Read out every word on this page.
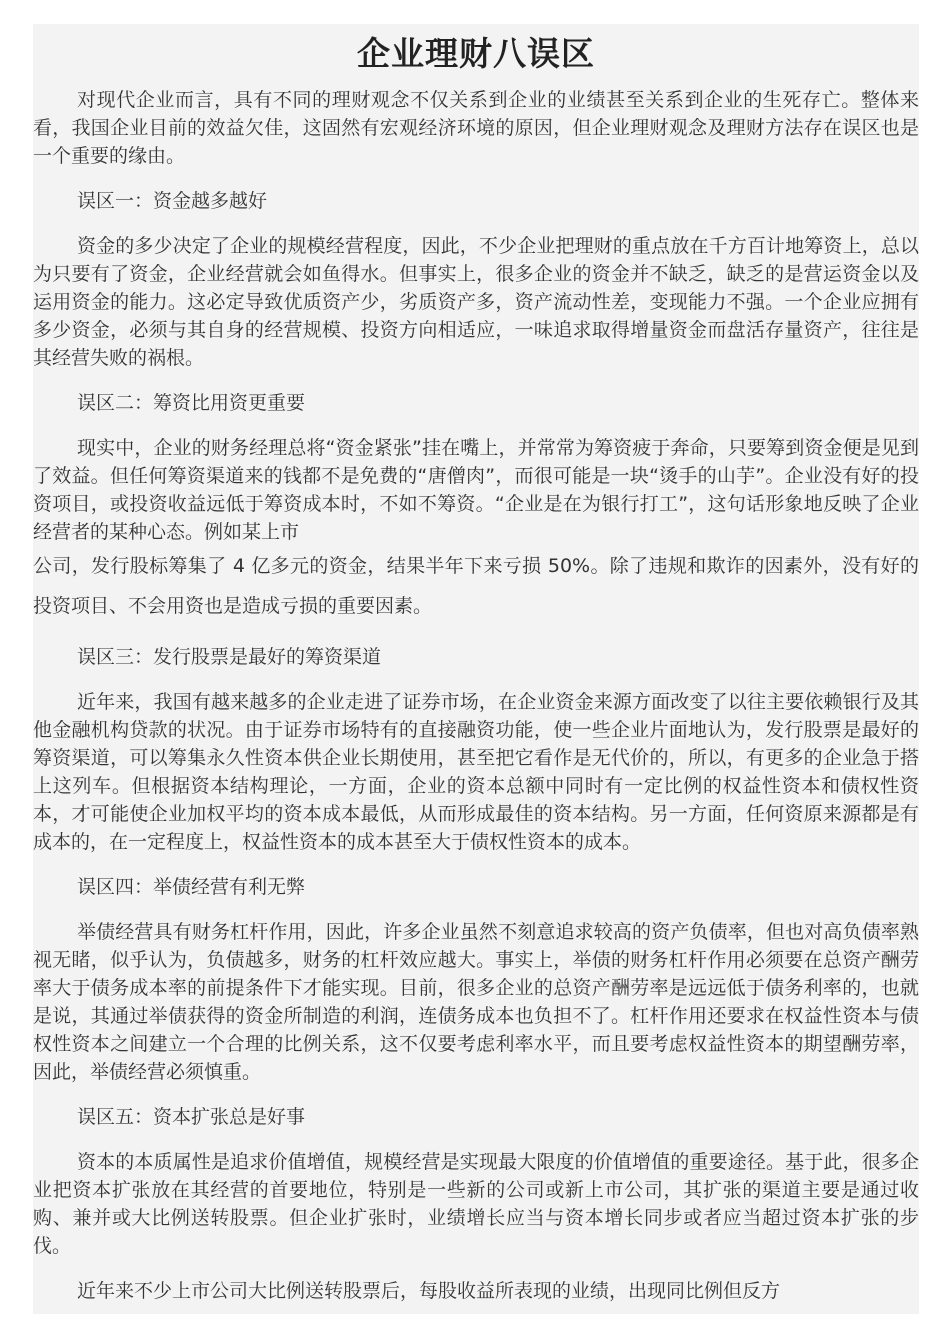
企业理财八误区

对现代企业而言，具有不同的理财观念不仅关系到企业的业绩甚至关系到企业的生死存亡。整体来看，我国企业目前的效益欠佳，这固然有宏观经济环境的原因，但企业理财观念及理财方法存在误区也是一个重要的缘由。

误区一：资金越多越好

资金的多少决定了企业的规模经营程度，因此，不少企业把理财的重点放在千方百计地筹资上，总以为只要有了资金，企业经营就会如鱼得水。但事实上，很多企业的资金并不缺乏，缺乏的是营运资金以及运用资金的能力。这必定导致优质资产少，劣质资产多，资产流动性差，变现能力不强。一个企业应拥有多少资金，必须与其自身的经营规模、投资方向相适应，一味追求取得增量资金而盘活存量资产，往往是其经营失败的祸根。

误区二：筹资比用资更重要

现实中，企业的财务经理总将“资金紧张”挂在嘴上，并常常为筹资疲于奔命，只要筹到资金便是见到了效益。但任何筹资渠道来的钱都不是免费的“唐僧肉”，而很可能是一块“烫手的山芋”。企业没有好的投资项目，或投资收益远低于筹资成本时，不如不筹资。“企业是在为银行打工”，这句话形象地反映了企业经营者的某种心态。例如某上市

公司，发行股标筹集了 4 亿多元的资金，结果半年下来亏损 50%。除了违规和欺诈的因素外，没有好的投资项目、不会用资也是造成亏损的重要因素。

误区三：发行股票是最好的筹资渠道

近年来，我国有越来越多的企业走进了证券市场，在企业资金来源方面改变了以往主要依赖银行及其他金融机构贷款的状况。由于证券市场特有的直接融资功能，使一些企业片面地认为，发行股票是最好的筹资渠道，可以筹集永久性资本供企业长期使用，甚至把它看作是无代价的，所以，有更多的企业急于搭上这列车。但根据资本结构理论，一方面，企业的资本总额中同时有一定比例的权益性资本和债权性资本，才可能使企业加权平均的资本成本最低，从而形成最佳的资本结构。另一方面，任何资原来源都是有成本的，在一定程度上，权益性资本的成本甚至大于债权性资本的成本。

误区四：举债经营有利无弊

举债经营具有财务杠杆作用，因此，许多企业虽然不刻意追求较高的资产负债率，但也对高负债率熟视无睹，似乎认为，负债越多，财务的杠杆效应越大。事实上，举债的财务杠杆作用必须要在总资产酬劳率大于债务成本率的前提条件下才能实现。目前，很多企业的总资产酬劳率是远远低于债务利率的，也就是说，其通过举债获得的资金所制造的利润，连债务成本也负担不了。杠杆作用还要求在权益性资本与债权性资本之间建立一个合理的比例关系，这不仅要考虑利率水平，而且要考虑权益性资本的期望酬劳率，因此，举债经营必须慎重。

误区五：资本扩张总是好事

资本的本质属性是追求价值增值，规模经营是实现最大限度的价值增值的重要途径。基于此，很多企业把资本扩张放在其经营的首要地位，特别是一些新的公司或新上市公司，其扩张的渠道主要是通过收购、兼并或大比例送转股票。但企业扩张时，业绩增长应当与资本增长同步或者应当超过资本扩张的步伐。

近年来不少上市公司大比例送转股票后，每股收益所表现的业绩，出现同比例但反方
